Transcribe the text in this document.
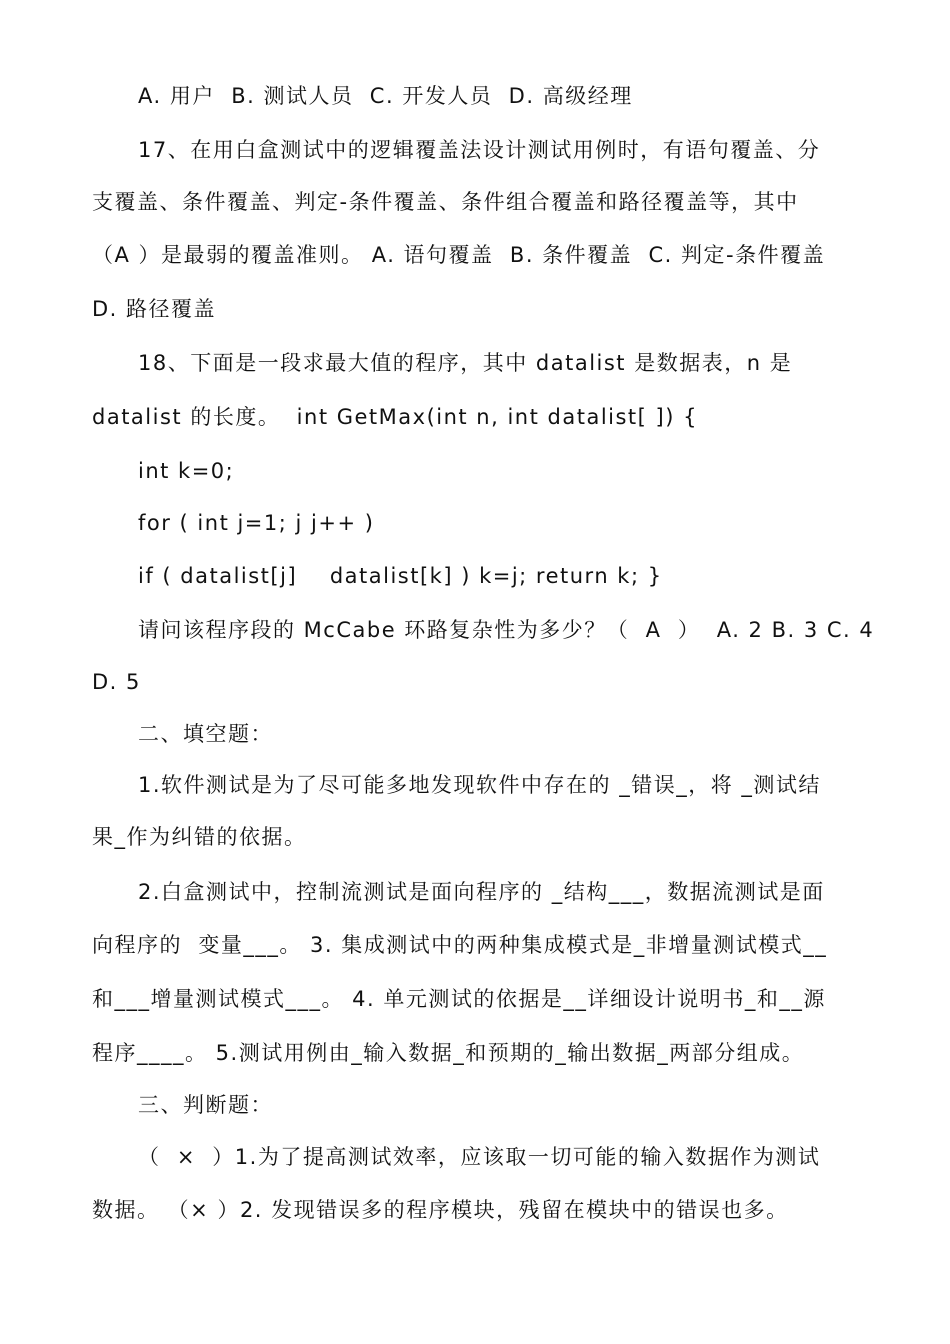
A. 用户  B. 测试人员  C. 开发人员  D. 高级经理
17、在用白盒测试中的逻辑覆盖法设计测试用例时，有语句覆盖、分
支覆盖、条件覆盖、判定-条件覆盖、条件组合覆盖和路径覆盖等，其中
（A ）是最弱的覆盖准则。 A. 语句覆盖  B. 条件覆盖  C. 判定-条件覆盖
D. 路径覆盖
18、下面是一段求最大值的程序，其中 datalist 是数据表，n 是
datalist 的长度。  int GetMax(int n, int datalist[ ]) {
int k=0;
for ( int j=1; j j++ )
if ( datalist[j]    datalist[k] ) k=j; return k; }
请问该程序段的 McCabe 环路复杂性为多少？（  A  ）  A. 2 B. 3 C. 4
D. 5
二、填空题：
1.软件测试是为了尽可能多地发现软件中存在的 _错误_，将 _测试结
果_作为纠错的依据。
2.白盒测试中，控制流测试是面向程序的 _结构___，数据流测试是面
向程序的  变量___。 3. 集成测试中的两种集成模式是_非增量测试模式__
和___增量测试模式___。 4. 单元测试的依据是__详细设计说明书_和__源
程序____。 5.测试用例由_输入数据_和预期的_输出数据_两部分组成。
三、判断题：
（  ×  ）1.为了提高测试效率，应该取一切可能的输入数据作为测试
数据。 （× ）2. 发现错误多的程序模块，残留在模块中的错误也多。
